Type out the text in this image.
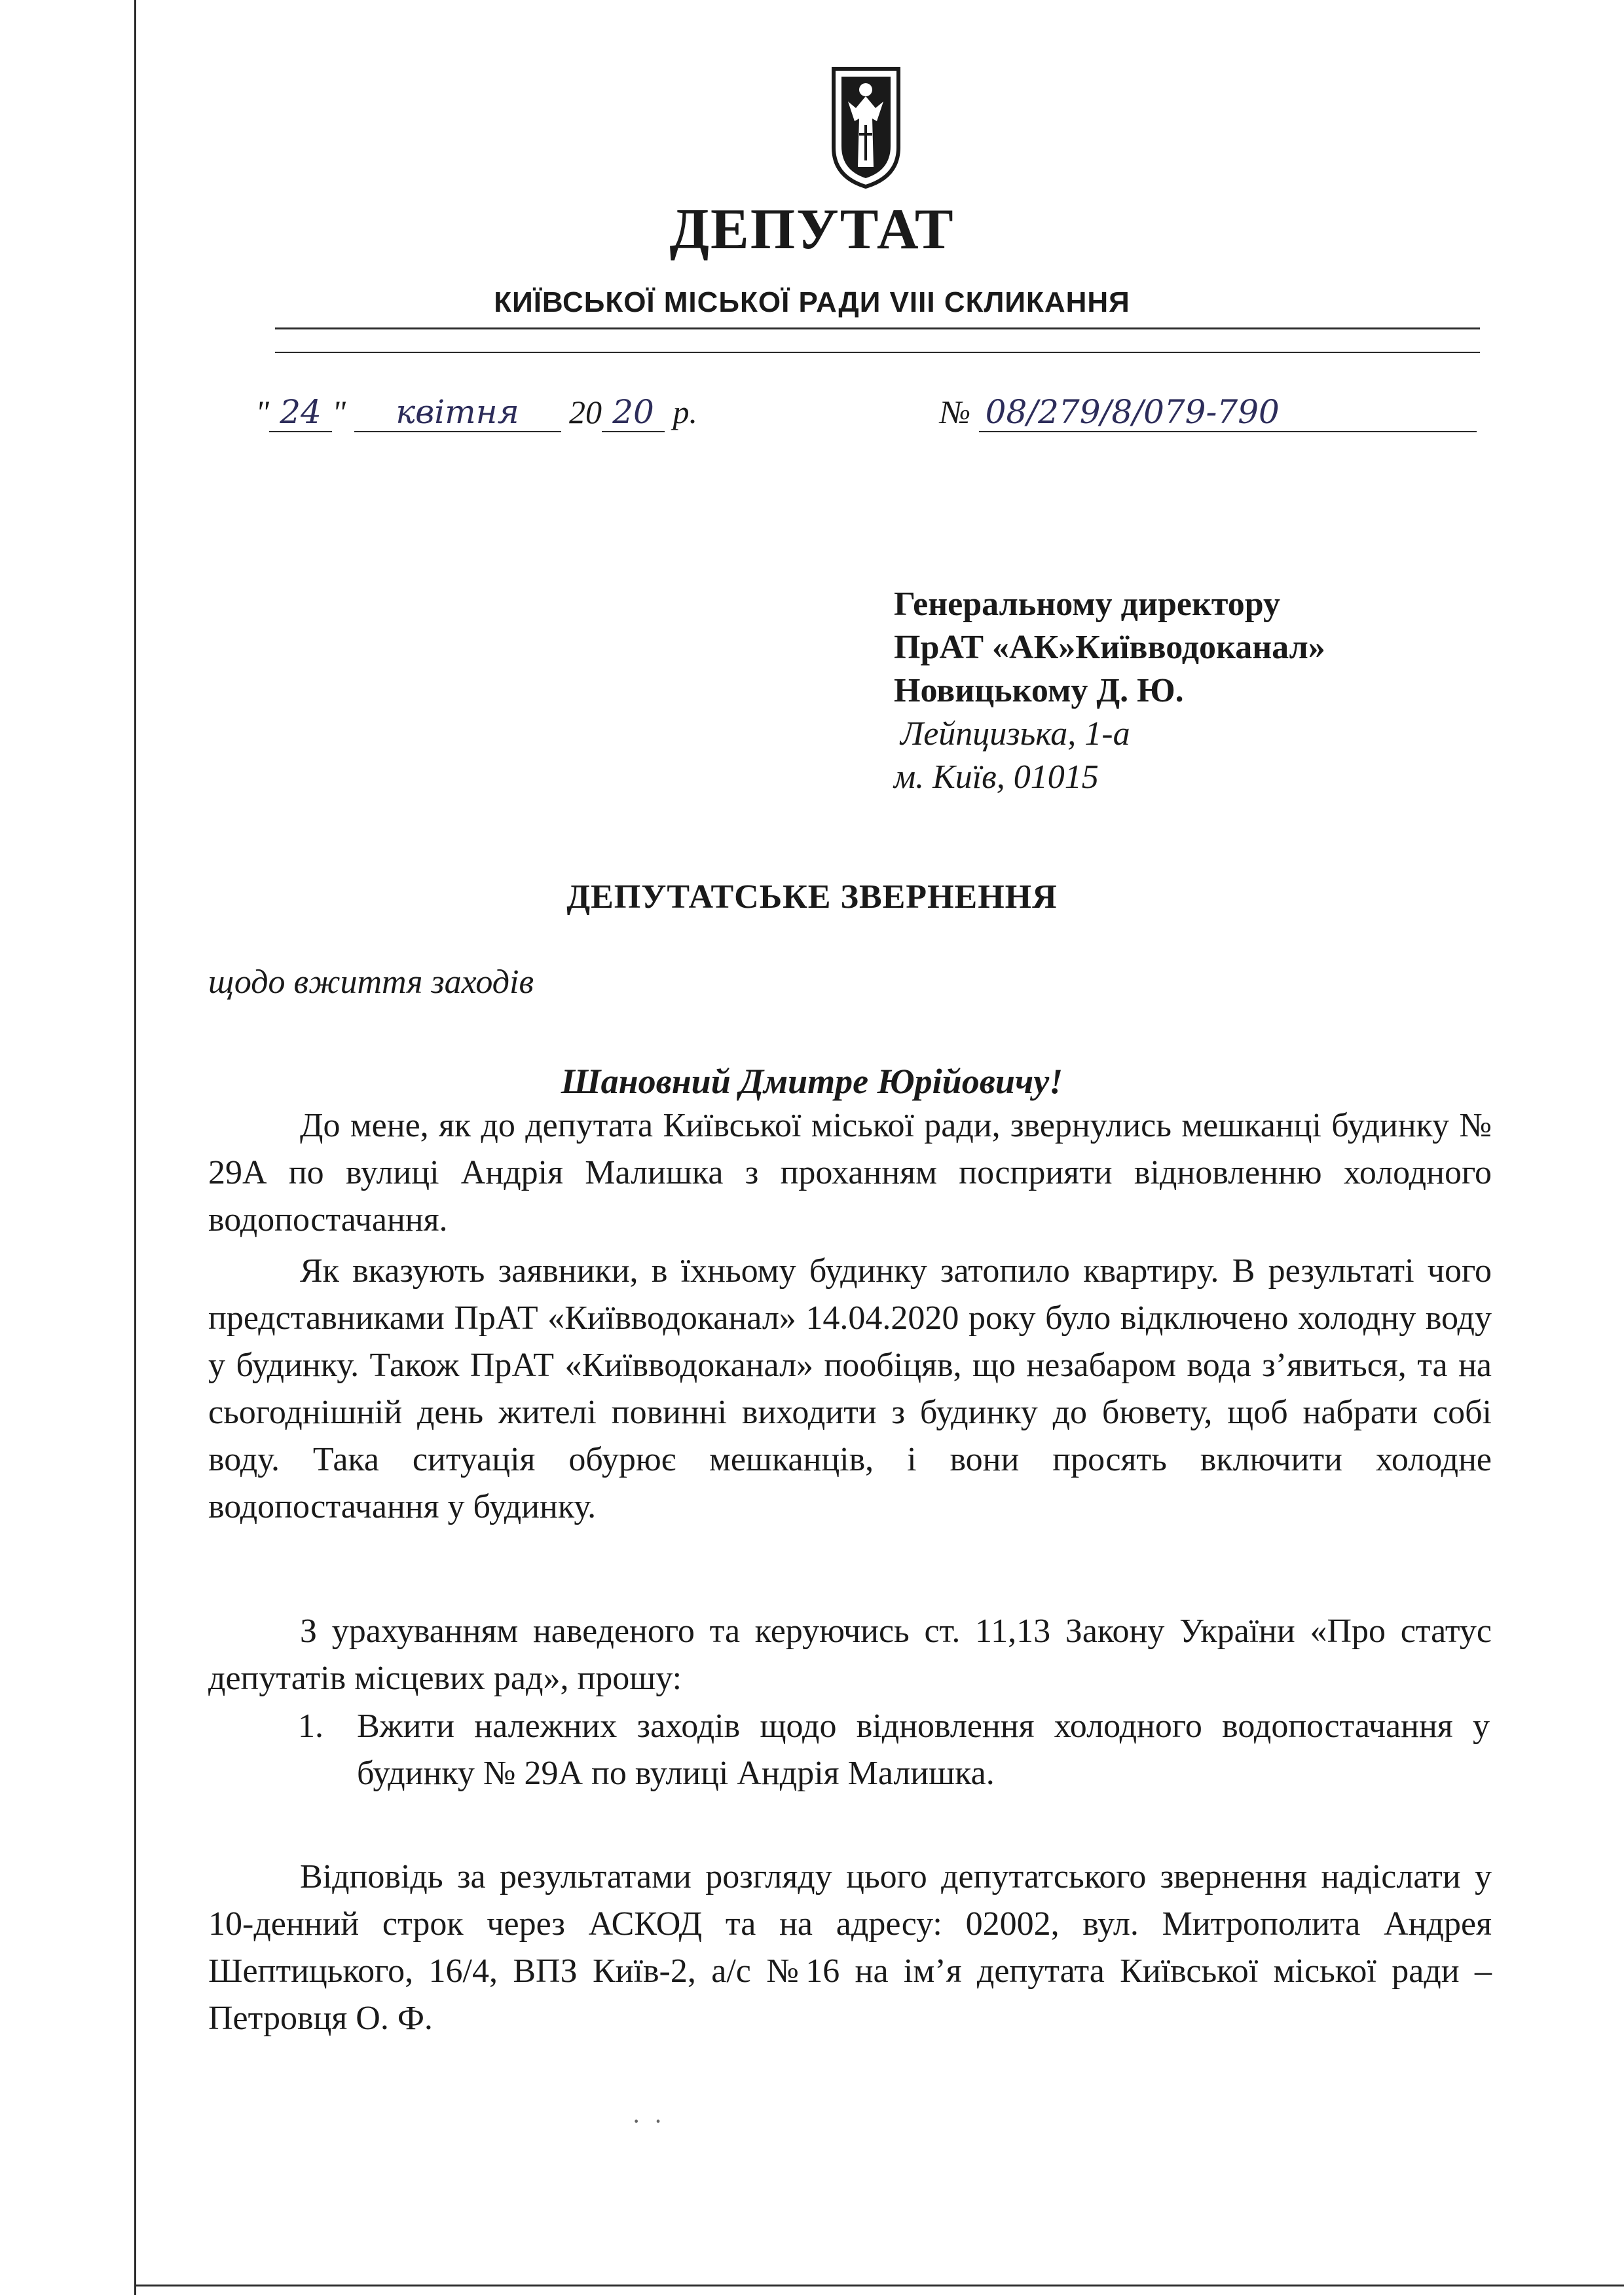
ДЕПУТАТ
КИЇВСЬКОЇ МІСЬКОЇ РАДИ VIII СКЛИКАННЯ
" 24 " квітня 20 20 р.	№ 08/279/8/079-790
Генеральному директору
ПрАТ «АК»Київводоканал»
Новицькому Д. Ю.
Лейпцизька, 1-а
м. Київ, 01015
ДЕПУТАТСЬКЕ ЗВЕРНЕННЯ
щодо вжиття заходів
Шановний Дмитре Юрійовичу!

До мене, як до депутата Київської міської ради, звернулись мешканці будинку № 29А по вулиці Андрія Малишка з проханням посприяти відновленню холодного водопостачання.

Як вказують заявники, в їхньому будинку затопило квартиру. В результаті чого представниками ПрАТ «Київводоканал» 14.04.2020 року було відключено холодну воду у будинку. Також ПрАТ «Київводоканал» пообіцяв, що незабаром вода з’явиться, та на сьогоднішній день жителі повинні виходити з будинку до бювету, щоб набрати собі воду. Така ситуація обурює мешканців, і вони просять включити холодне водопостачання у будинку.

З урахуванням наведеного та керуючись ст. 11,13 Закону України «Про статус депутатів місцевих рад», прошу:

1. Вжити належних заходів щодо відновлення холодного водопостачання у будинку № 29А по вулиці Андрія Малишка.

Відповідь за результатами розгляду цього депутатського звернення надіслати у 10-денний строк через АСКОД та на адресу: 02002, вул. Митрополита Андрея Шептицького, 16/4, ВПЗ Київ-2, а/с №16 на ім’я депутата Київської міської ради – Петровця О. Ф.

·  ·
